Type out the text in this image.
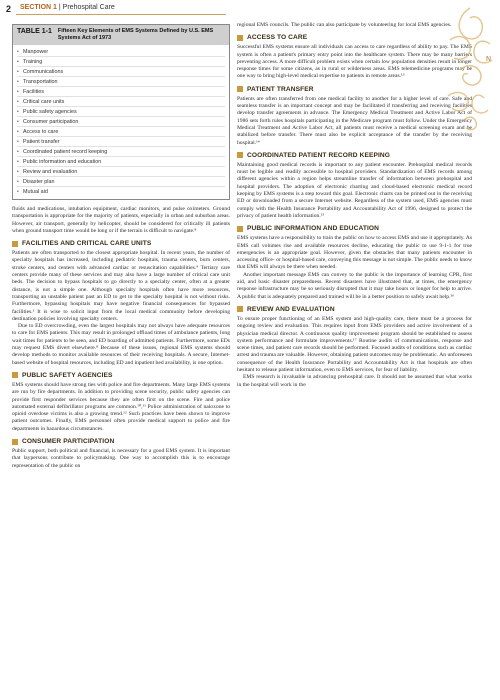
2 SECTION 1 | Prehospital Care
TABLE 1-1 Fifteen Key Elements of EMS Systems Defined by U.S. EMS Systems Act of 1973
• Manpower
• Training
• Communications
• Transportation
• Facilities
• Critical care units
• Public safety agencies
• Consumer participation
• Access to care
• Patient transfer
• Coordinated patient record keeping
• Public information and education
• Review and evaluation
• Disaster plan
• Mutual aid

fluids and medications, intubation equipment, cardiac monitors, and pulse oximeters. Ground transportation is appropriate for the majority of patients, especially in urban and suburban areas. However, air transport, generally by helicopter, should be considered for critically ill patients when ground transport time would be long or if the terrain is difficult to navigate.⁸

FACILITIES AND CRITICAL CARE UNITS

Patients are often transported to the closest appropriate hospital. In recent years, the number of specialty hospitals has increased, including pediatric hospitals, trauma centers, burn centers, stroke centers, and centers with advanced cardiac or resuscitation capabilities.⁹ Tertiary care centers provide many of these services and may also have a large number of critical care unit beds. The decision to bypass hospitals to go directly to a specialty center, often at a greater distance, is not a simple one. Although specialty hospitals often have more resources, transporting an unstable patient past an ED to get to the specialty hospital is not without risks. Furthermore, bypassing hospitals may have negative financial consequences for bypassed facilities.¹ It is wise to solicit input from the local medical community before developing destination policies involving specialty centers.

Due to ED overcrowding, even the largest hospitals may not always have adequate resources to care for EMS patients. This may result in prolonged offload times of ambulance patients, long wait times for patients to be seen, and ED boarding of admitted patients. Furthermore, some EDs may request EMS divert elsewhere.⁸ Because of these issues, regional EMS systems should develop methods to monitor available resources of their receiving hospitals. A secure, Internet-based website of hospital resources, including ED and inpatient bed availability, is one option.

PUBLIC SAFETY AGENCIES

EMS systems should have strong ties with police and fire departments. Many large EMS systems are run by fire departments. In addition to providing scene security, public safety agencies can provide first responder services because they are often first on the scene. Fire and police automated external defibrillator programs are common.¹⁰,¹¹ Police administration of naloxone to opioid overdose victims is also a growing trend.¹² Such practices have been shown to improve patient outcomes. Finally, EMS personnel often provide medical support to police and fire departments in hazardous circumstances.

CONSUMER PARTICIPATION

Public support, both political and financial, is necessary for a good EMS system. It is important that laypersons contribute to policymaking. One way to accomplish this is to encourage representation of the public on

regional EMS councils. The public can also participate by volunteering for local EMS agencies.

ACCESS TO CARE

Successful EMS systems ensure all individuals can access to care regardless of ability to pay. The EMS system is often a patient's primary entry point into the healthcare system. There may be many barriers preventing access. A more difficult problem exists when certain low population densities result in longer response times for some citizens, as in rural or wilderness areas. EMS telemedicine programs may be one way to bring high-level medical expertise to patients in remote areas.¹³

PATIENT TRANSFER

Patients are often transferred from one medical facility to another for a higher level of care. Safe and seamless transfer is an important concept and may be facilitated if transferring and receiving facilities develop transfer agreements in advance. The Emergency Medical Treatment and Active Labor Act of 1986 sets forth rules hospitals participating in the Medicare program must follow. Under the Emergency Medical Treatment and Active Labor Act, all patients must receive a medical screening exam and be stabilized before transfer. There must also be explicit acceptance of the transfer by the receiving hospital.¹⁴

COORDINATED PATIENT RECORD KEEPING

Maintaining good medical records is important to any patient encounter. Prehospital medical records must be legible and readily accessible to hospital providers. Standardization of EMS records among different agencies within a region helps streamline transfer of information between prehospital and hospital providers. The adoption of electronic charting and cloud-based electronic medical record keeping by EMS systems is a step toward this goal. Electronic charts can be printed out in the receiving ED or downloaded from a secure Internet website. Regardless of the system used, EMS agencies must comply with the Health Insurance Portability and Accountability Act of 1996, designed to protect the privacy of patient health information.¹⁵

PUBLIC INFORMATION AND EDUCATION

EMS systems have a responsibility to train the public on how to access EMS and use it appropriately. As EMS call volumes rise and available resources decline, educating the public to use 9-1-1 for true emergencies is an appropriate goal. However, given the obstacles that many patients encounter in accessing office- or hospital-based care, conveying this message is not simple. The public needs to know that EMS will always be there when needed.

Another important message EMS can convey to the public is the importance of learning CPR, first aid, and basic disaster preparedness. Recent disasters have illustrated that, at times, the emergency response infrastructure may be so seriously disrupted that it may take hours or longer for help to arrive. A public that is adequately prepared and trained will be in a better position to safely await help.¹⁶

REVIEW AND EVALUATION

To ensure proper functioning of an EMS system and high-quality care, there must be a process for ongoing review and evaluation. This requires input from EMS providers and active involvement of a physician medical director. A continuous quality improvement program should be established to assess system performance and formulate improvements.¹⁷ Routine audits of communications, response and scene times, and patient care records should be performed. Focused audits of conditions such as cardiac arrest and trauma are valuable. However, obtaining patient outcomes may be problematic. An unforeseen consequence of the Health Insurance Portability and Accountability Act is that hospitals are often hesitant to release patient information, even to EMS services, for fear of liability.

EMS research is invaluable in advancing prehospital care. It should not be assumed that what works in the hospital will work in the

N
